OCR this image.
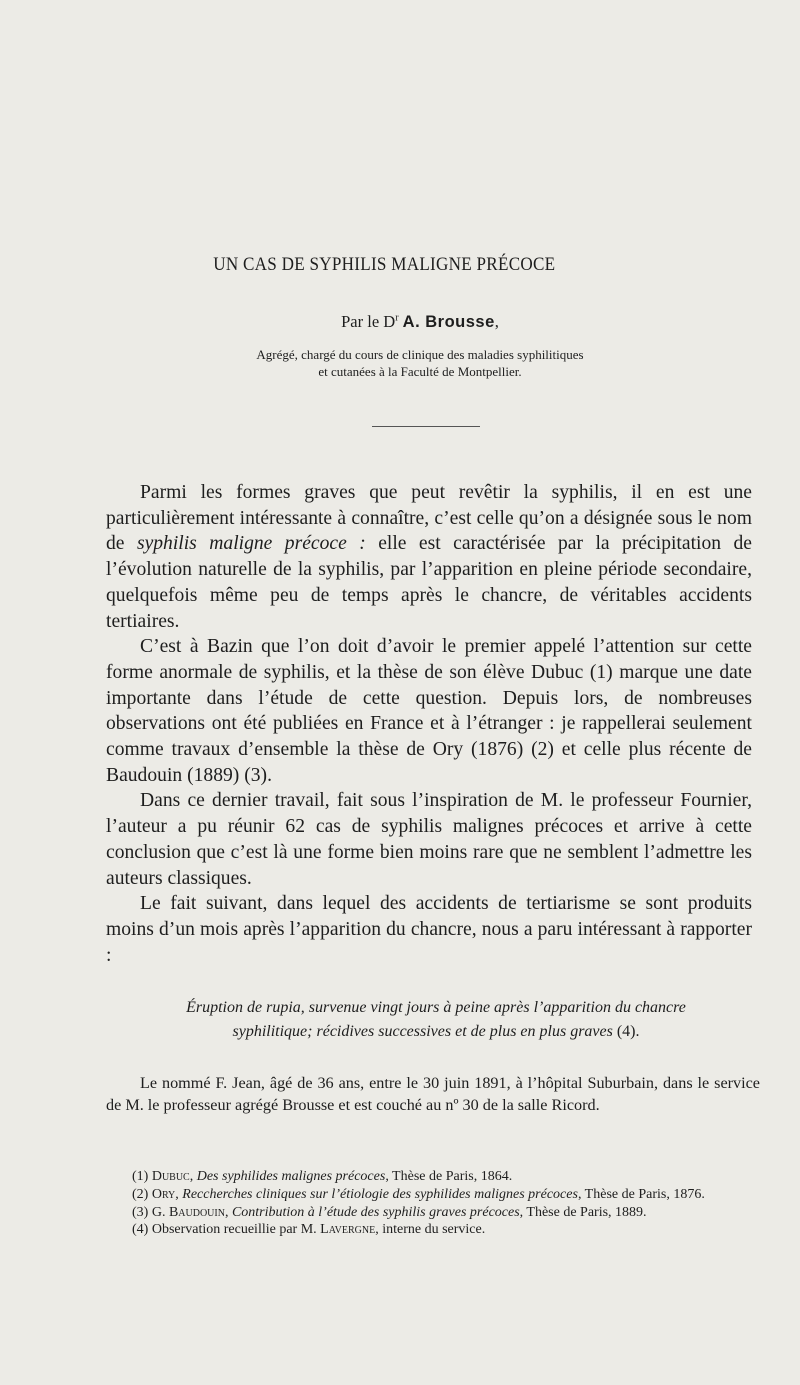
UN CAS DE SYPHILIS MALIGNE PRÉCOCE
Par le $D^r$ A. Brousse,
Agrégé, chargé du cours de clinique des maladies syphilitiques
et cutanées à la Faculté de Montpellier.

Parmi les formes graves que peut revêtir la syphilis, il en est une particulièrement intéressante à connaître, c’est celle qu’on a désignée sous le nom de syphilis maligne précoce : elle est caractérisée par la précipitation de l’évolution naturelle de la syphilis, par l’apparition en pleine période secondaire, quelquefois même peu de temps après le chancre, de véritables accidents tertiaires.

C’est à Bazin que l’on doit d’avoir le premier appelé l’attention sur cette forme anormale de syphilis, et la thèse de son élève Dubuc (1) marque une date importante dans l’étude de cette question. Depuis lors, de nombreuses observations ont été publiées en France et à l’étranger : je rappellerai seulement comme travaux d’ensemble la thèse de Ory (1876) (2) et celle plus récente de Baudouin (1889) (3).

Dans ce dernier travail, fait sous l’inspiration de M. le professeur Fournier, l’auteur a pu réunir 62 cas de syphilis malignes précoces et arrive à cette conclusion que c’est là une forme bien moins rare que ne semblent l’admettre les auteurs classiques.

Le fait suivant, dans lequel des accidents de tertiarisme se sont produits moins d’un mois après l’apparition du chancre, nous a paru intéressant à rapporter :

Éruption de rupia, survenue vingt jours à peine après l’apparition du chancre
syphilitique; récidives successives et de plus en plus graves (4).

Le nommé F. Jean, âgé de 36 ans, entre le 30 juin 1891, à l’hôpital Suburbain, dans le service de M. le professeur agrégé Brousse et est couché au nº 30 de la salle Ricord.

(1) Dubuc, Des syphilides malignes précoces, Thèse de Paris, 1864.

(2) Ory, Reccherches cliniques sur l’étiologie des syphilides malignes précoces, Thèse de Paris, 1876.

(3) G. Baudouin, Contribution à l’étude des syphilis graves précoces, Thèse de Paris, 1889.

(4) Observation recueillie par M. Lavergne, interne du service.
